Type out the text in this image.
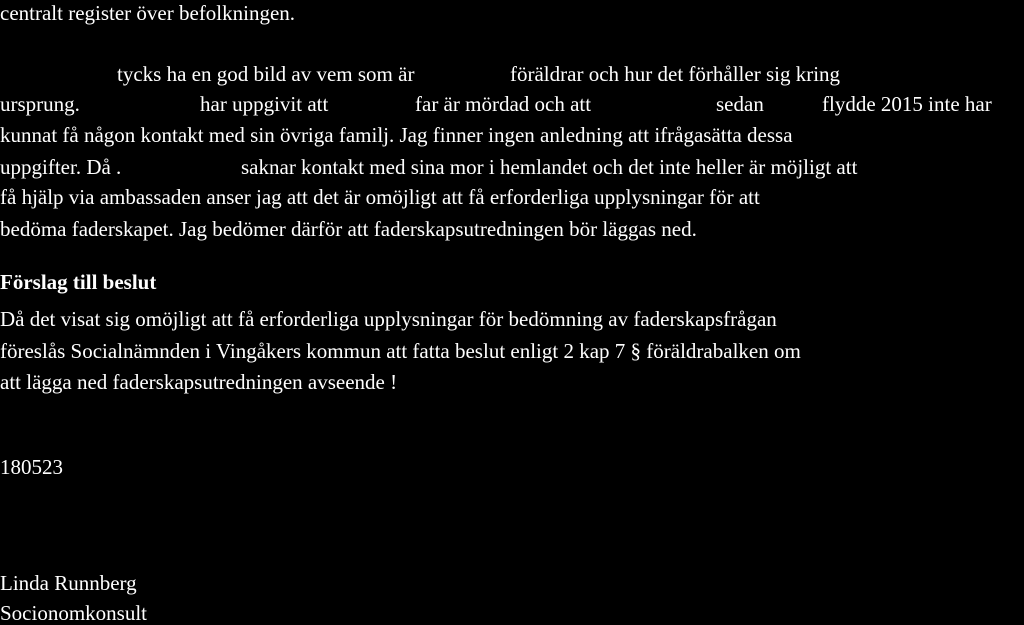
centralt register över befolkningen.
tycks ha en god bild av vem som är	föräldrar och hur det förhåller sig kring
ursprung.	har uppgivit att	far är mördad och att	sedan	flydde 2015 inte har
kunnat få någon kontakt med sin övriga familj. Jag finner ingen anledning att ifrågasätta dessa
uppgifter. Då .	saknar kontakt med sina mor i hemlandet och det inte heller är möjligt att
få hjälp via ambassaden anser jag att det är omöjligt att få erforderliga upplysningar för att
bedöma faderskapet. Jag bedömer därför att faderskapsutredningen bör läggas ned.
Förslag till beslut
Då det visat sig omöjligt att få erforderliga upplysningar för bedömning av faderskapsfrågan
föreslås Socialnämnden i Vingåkers kommun att fatta beslut enligt 2 kap 7 § föräldrabalken om
att lägga ned faderskapsutredningen avseende !
180523
Linda Runnberg
Socionomkonsult
